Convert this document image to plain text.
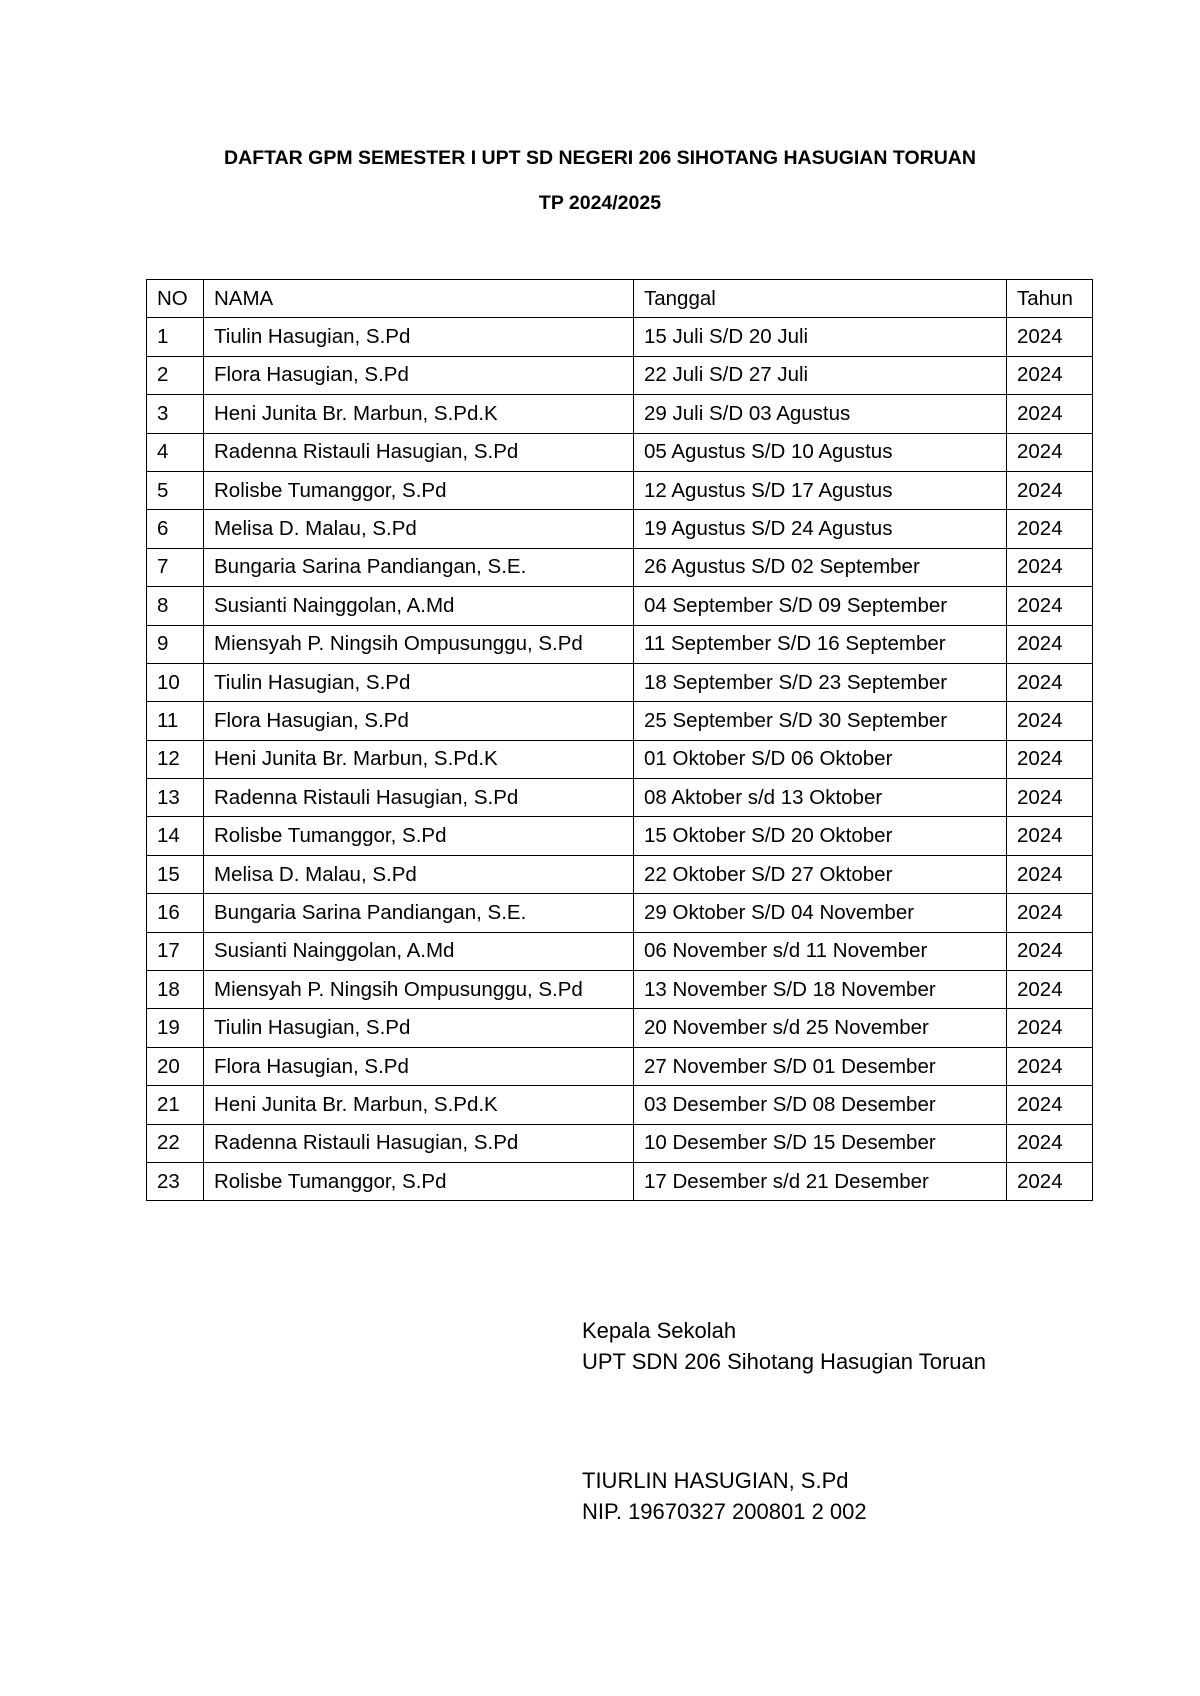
DAFTAR GPM SEMESTER I UPT SD NEGERI 206 SIHOTANG HASUGIAN TORUAN
TP 2024/2025
NO	NAMA	Tanggal	Tahun
1	Tiulin Hasugian, S.Pd	15 Juli S/D 20 Juli	2024
2	Flora Hasugian, S.Pd	22 Juli S/D 27 Juli	2024
3	Heni Junita Br. Marbun, S.Pd.K	29 Juli S/D 03 Agustus	2024
4	Radenna Ristauli Hasugian, S.Pd	05 Agustus S/D 10 Agustus	2024
5	Rolisbe Tumanggor, S.Pd	12 Agustus S/D 17 Agustus	2024
6	Melisa D. Malau, S.Pd	19 Agustus S/D 24 Agustus	2024
7	Bungaria Sarina Pandiangan, S.E.	26 Agustus S/D 02 September	2024
8	Susianti Nainggolan, A.Md	04 September S/D 09 September	2024
9	Miensyah P. Ningsih Ompusunggu, S.Pd	11 September S/D 16 September	2024
10	Tiulin Hasugian, S.Pd	18 September S/D 23 September	2024
11	Flora Hasugian, S.Pd	25 September S/D 30 September	2024
12	Heni Junita Br. Marbun, S.Pd.K	01 Oktober S/D 06 Oktober	2024
13	Radenna Ristauli Hasugian, S.Pd	08 Aktober s/d 13 Oktober	2024
14	Rolisbe Tumanggor, S.Pd	15 Oktober S/D 20 Oktober	2024
15	Melisa D. Malau, S.Pd	22 Oktober S/D 27 Oktober	2024
16	Bungaria Sarina Pandiangan, S.E.	29 Oktober S/D 04 November	2024
17	Susianti Nainggolan, A.Md	06 November s/d 11 November	2024
18	Miensyah P. Ningsih Ompusunggu, S.Pd	13 November S/D 18 November	2024
19	Tiulin Hasugian, S.Pd	20 November s/d 25 November	2024
20	Flora Hasugian, S.Pd	27 November S/D 01 Desember	2024
21	Heni Junita Br. Marbun, S.Pd.K	03 Desember S/D 08 Desember	2024
22	Radenna Ristauli Hasugian, S.Pd	10 Desember S/D 15 Desember	2024
23	Rolisbe Tumanggor, S.Pd	17 Desember s/d 21 Desember	2024
Kepala Sekolah
UPT SDN 206 Sihotang Hasugian Toruan
TIURLIN HASUGIAN, S.Pd
NIP. 19670327 200801 2 002
